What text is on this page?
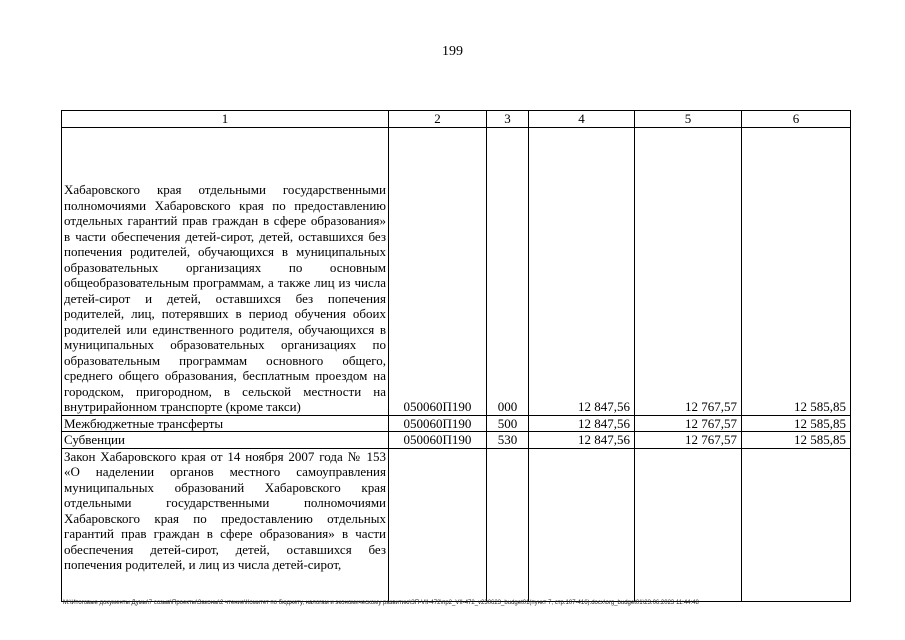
199
1	2	3	4	5	6
Хабаровского края отдельными государственными полномочиями Хабаровского края по предоставлению отдельных гарантий прав граждан в сфере образования» в части обеспечения детей-сирот, детей, оставшихся без попечения родителей, обучающихся в муниципальных образовательных организациях по основным общеобразовательным программам, а также лиц из числа детей-сирот и детей, оставшихся без попечения родителей, лиц, потерявших в период обучения обоих родителей или единственного родителя, обучающихся в муниципальных образовательных организациях по образовательным программам основного общего, среднего общего образования, бесплатным проездом на городском, пригородном, в сельской местности на внутрирайонном транспорте (кроме такси)	050060П190	000	12 847,56	12 767,57	12 585,85
Межбюджетные трансферты	050060П190	500	12 847,56	12 767,57	12 585,85
Субвенции	050060П190	530	12 847,56	12 767,57	12 585,85
Закон Хабаровского края от 14 ноября 2007 года № 153 «О наделении органов местного самоуправления муниципальных образований Хабаровского края отдельными государственными полномочиями Хабаровского края по предоставлению отдельных гарантий прав граждан в сфере образования» в части обеспечения детей-сирот, детей, оставшихся без попечения родителей, и лиц из числа детей-сирот,					
M:\Итоговые документы Думы\7 созыв\Проекты\Законы\2 чтение\Комитет по бюджету, налогам и экономическому развитию\ЗП-VII-472\пр2_VII-472_v230623_budget01(пункт 7, стр.107-416).docx\org_budget01\23.06.2023 11:44:48
